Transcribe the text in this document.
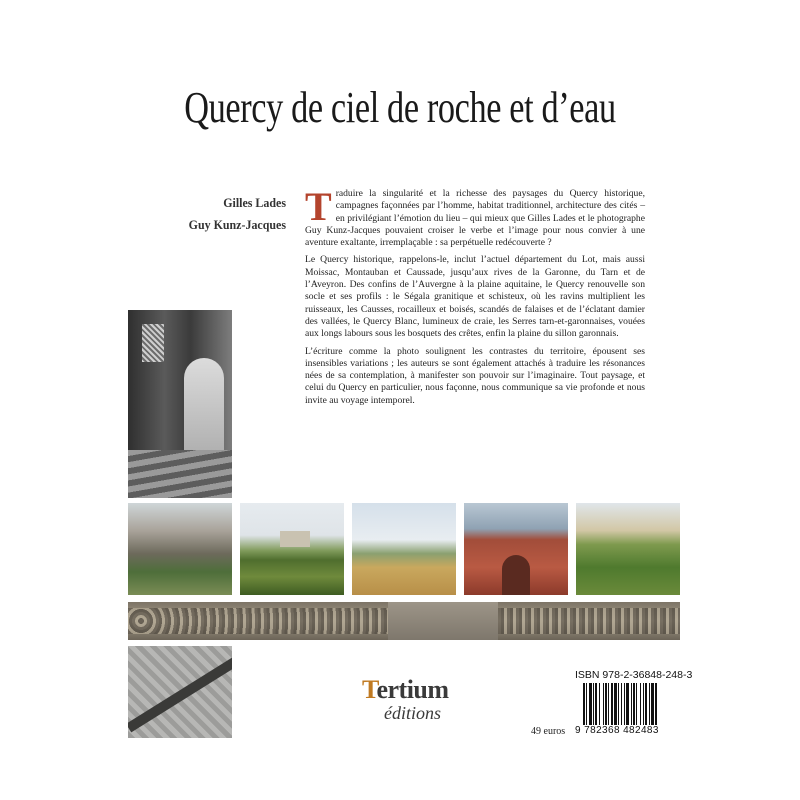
Quercy de ciel de roche et d’eau
Gilles Lades
Guy Kunz-Jacques Traduire la singularité et la richesse des paysages du Quercy historique, campagnes façonnées par l’homme, habitat traditionnel, architecture des cités – en privilégiant l’émotion du lieu – qui mieux que Gilles Lades et le photographe Guy Kunz-Jacques pouvaient croiser le verbe et l’image pour nous convier à une aventure exaltante, irremplaçable : sa perpétuelle redécouverte ?

Le Quercy historique, rappelons-le, inclut l’actuel département du Lot, mais aussi Moissac, Montauban et Caussade, jusqu’aux rives de la Garonne, du Tarn et de l’Aveyron. Des confins de l’Auvergne à la plaine aquitaine, le Quercy renouvelle son socle et ses profils : le Ségala granitique et schisteux, où les ravins multiplient les ruisseaux, les Causses, rocailleux et boisés, scandés de falaises et de l’éclatant damier des vallées, le Quercy Blanc, lumineux de craie, les Serres tarn-et-garonnaises, vouées aux longs labours sous les bosquets des crêtes, enfin la plaine du sillon garonnais.

L’écriture comme la photo soulignent les contrastes du territoire, épousent ses insensibles variations ; les auteurs se sont également attachés à traduire les résonances nées de sa contemplation, à manifester son pouvoir sur l’imaginaire. Tout paysage, et celui du Quercy en particulier, nous façonne, nous communique sa vie profonde et nous invite au voyage intemporel.

Tertium
éditions
49 euros
ISBN 978-2-36848-248-3
9 782368 482483
